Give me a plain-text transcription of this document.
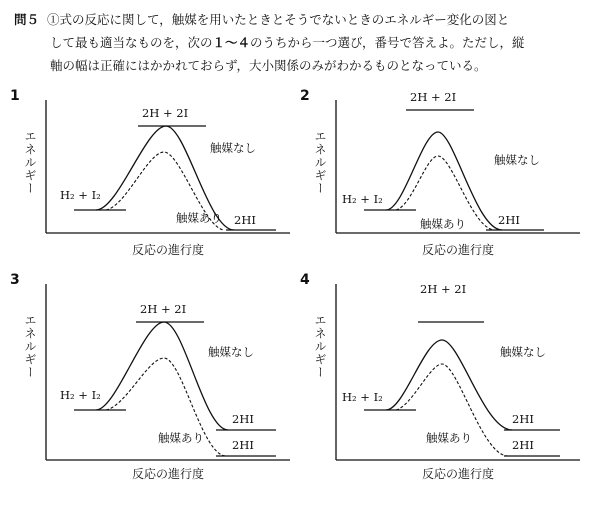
問５ ①式の反応に関して，触媒を用いたときとそうでないときのエネルギー変化の図と
して最も適当なものを，次の１～４のうちから一つ選び，番号で答えよ。ただし，縦
軸の幅は正確にはかかれておらず，大小関係のみがわかるものとなっている。
1
エネルギー
2H + 2I
触媒なし
H₂ + I₂
触媒あり 2HI
反応の進行度
2
エネルギー
2H + 2I
触媒なし
H₂ + I₂
触媒あり	2HI
反応の進行度
3
エネルギー
2H + 2I
触媒なし
H₂ + I₂
2HI
触媒あり 2HI
反応の進行度
4
エネルギー
2H + 2I
触媒なし
H₂ + I₂
2HI
触媒あり	2HI
反応の進行度
